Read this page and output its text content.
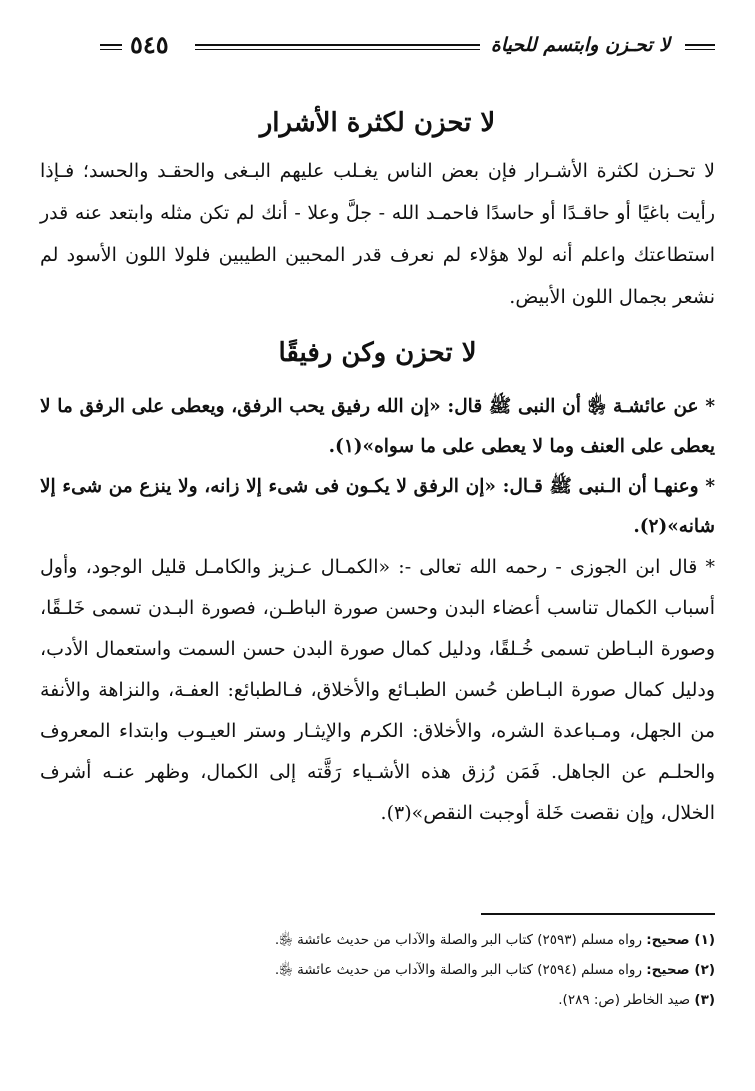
لا تحـزن وابتسم للحياة
٥٤٥
لا تحزن لكثرة الأشرار

لا تحـزن لكثرة الأشـرار فإن بعض الناس يغـلب عليهم البـغى والحقـد والحسد؛ فـإذا رأيت باغيًا أو حاقـدًا أو حاسدًا فاحمـد الله - جلَّ وعلا - أنك لم تكن مثله وابتعد عنه قدر استطاعتك واعلم أنه لولا هؤلاء لم نعرف قدر المحبين الطيبين فلولا اللون الأسود لم نشعر بجمال اللون الأبيض.

لا تحزن وكن رفيقًا

* عن عائشـة ﵂ أن النبى ﷺ قال: «إن الله رفيق يحب الرفق، ويعطى على الرفق ما لا يعطى على العنف وما لا يعطى على ما سواه»(١).

* وعنهـا أن الـنبى ﷺ قـال: «إن الرفق لا يكـون فى شىء إلا زانه، ولا ينزع من شىء إلا شانه»(٢).

* قال ابن الجوزى - رحمه الله تعالى -: «الكمـال عـزيز والكامـل قليل الوجود، وأول أسباب الكمال تناسب أعضاء البدن وحسن صورة الباطـن، فصورة البـدن تسمى خَلـقًا، وصورة البـاطن تسمى خُـلقًا، ودليل كمال صورة البدن حسن السمت واستعمال الأدب، ودليل كمال صورة البـاطن حُسن الطبـائع والأخلاق، فـالطبائع: العفـة، والنزاهة والأنفة من الجهل، ومـباعدة الشره، والأخلاق: الكرم والإيثـار وستر العيـوب وابتداء المعروف والحلـم عن الجاهل. فَمَن رُزق هذه الأشـياء رَقَّته إلى الكمال، وظهر عنـه أشرف الخلال، وإن نقصت خَلة أوجبت النقص»(٣).

(١) صحيح: رواه مسلم (٢٥٩٣) كتاب البر والصلة والآداب من حديث عائشة ﵂.
(٢) صحيح: رواه مسلم (٢٥٩٤) كتاب البر والصلة والآداب من حديث عائشة ﵂.
(٣) صيد الخاطر (ص: ٢٨٩).
